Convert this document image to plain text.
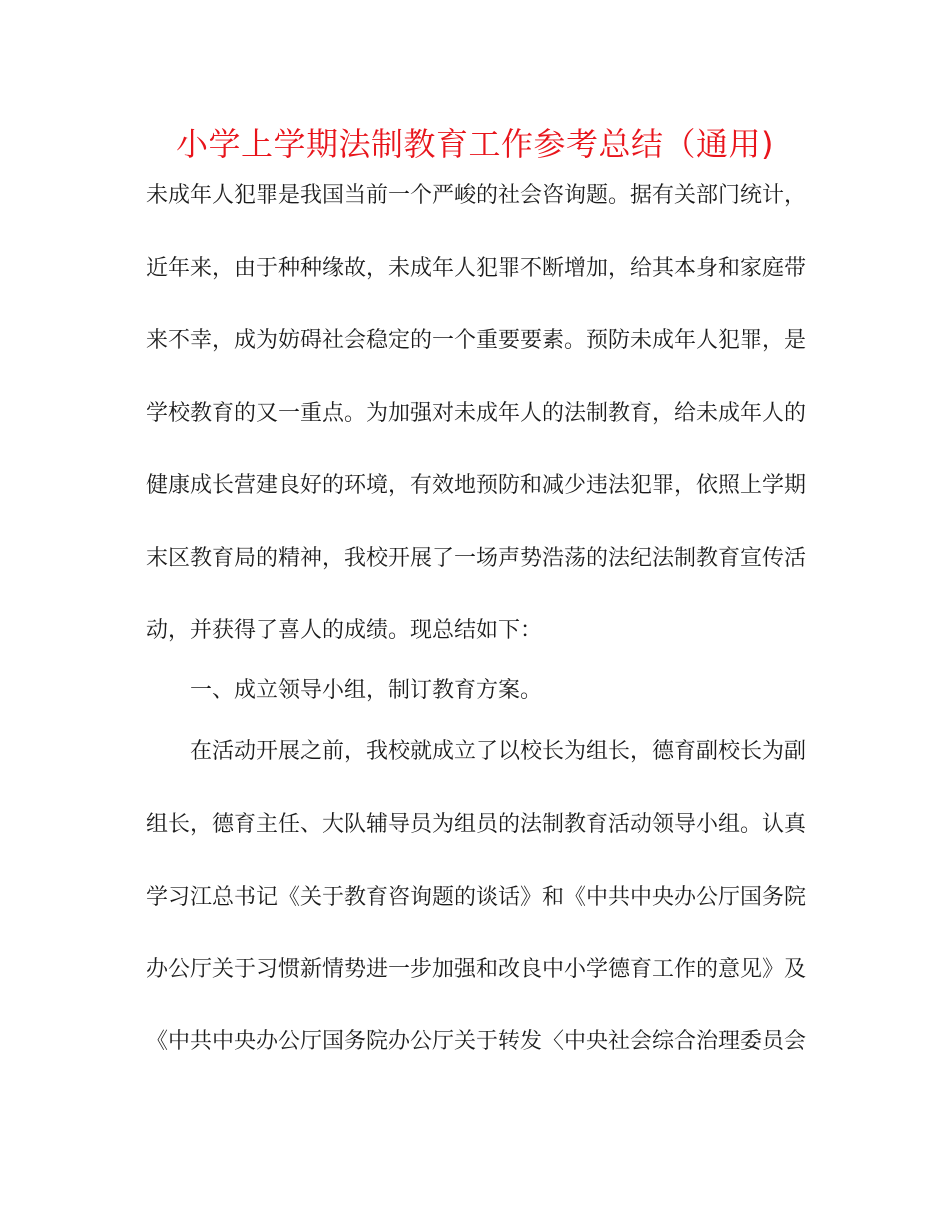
小学上学期法制教育工作参考总结（通用)
未成年人犯罪是我国当前一个严峻的社会咨询题。据有关部门统计，
近年来，由于种种缘故，未成年人犯罪不断增加，给其本身和家庭带
来不幸，成为妨碍社会稳定的一个重要要素。预防未成年人犯罪，是
学校教育的又一重点。为加强对未成年人的法制教育，给未成年人的
健康成长营建良好的环境，有效地预防和减少违法犯罪，依照上学期
末区教育局的精神，我校开展了一场声势浩荡的法纪法制教育宣传活
动，并获得了喜人的成绩。现总结如下：
一、成立领导小组，制订教育方案。
在活动开展之前，我校就成立了以校长为组长，德育副校长为副
组长，德育主任、大队辅导员为组员的法制教育活动领导小组。认真
学习江总书记《关于教育咨询题的谈话》和《中共中央办公厅国务院
办公厅关于习惯新情势进一步加强和改良中小学德育工作的意见》及
《中共中央办公厅国务院办公厅关于转发〈中央社会综合治理委员会
